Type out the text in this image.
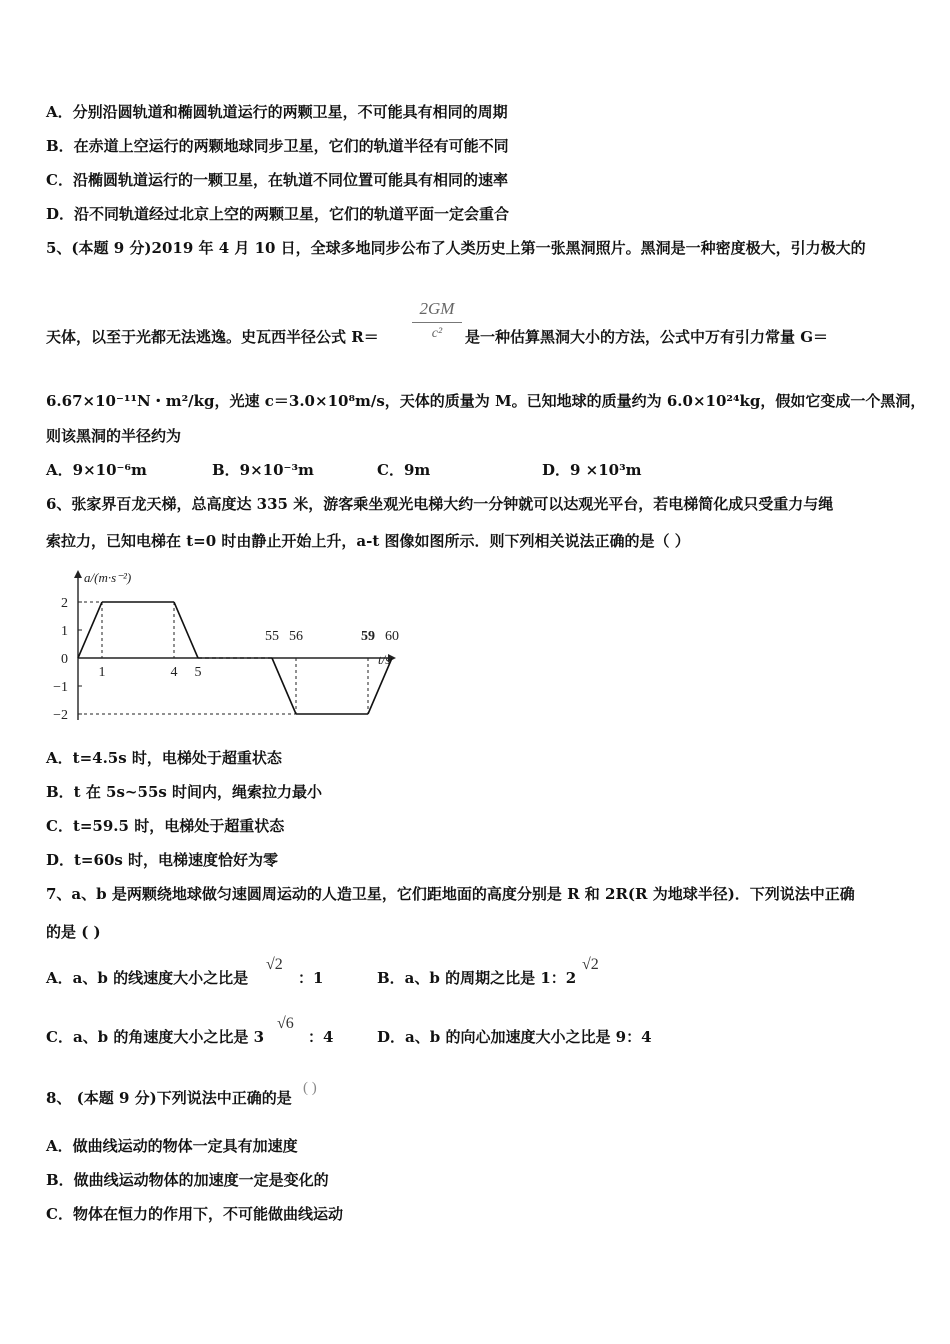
A．分别沿圆轨道和椭圆轨道运行的两颗卫星，不可能具有相同的周期
B．在赤道上空运行的两颗地球同步卫星，它们的轨道半径有可能不同
C．沿椭圆轨道运行的一颗卫星，在轨道不同位置可能具有相同的速率
D．沿不同轨道经过北京上空的两颗卫星，它们的轨道平面一定会重合
5、(本题 9 分)2019 年 4 月 10 日，全球多地同步公布了人类历史上第一张黑洞照片。黑洞是一种密度极大，引力极大的
天体，以至于光都无法逃逸。史瓦西半径公式 R＝
2GM
c²	是一种估算黑洞大小的方法，公式中万有引力常量 G＝
6.67×10⁻¹¹N・m²/kg，光速 c＝3.0×10⁸m/s，天体的质量为 M。已知地球的质量约为 6.0×10²⁴kg，假如它变成一个黑洞，
则该黑洞的半径约为
A．9×10⁻⁶m	B．9×10⁻³m	C．9m	D．9 ×10³m
6、张家界百龙天梯，总高度达 335 米，游客乘坐观光电梯大约一分钟就可以达观光平台，若电梯简化成只受重力与绳
索拉力，已知电梯在 t=0 时由静止开始上升，a-t 图像如图所示．则下列相关说法正确的是（ ）
2
1
0
−1
−2
a/(m·s⁻²)
t/s
1	4 5
55 56	59 60
A．t=4.5s 时，电梯处于超重状态
B．t 在 5s~55s 时间内，绳索拉力最小
C．t=59.5 时，电梯处于超重状态
D．t=60s 时，电梯速度恰好为零
7、a、b 是两颗绕地球做匀速圆周运动的人造卫星，它们距地面的高度分别是 R 和 2R(R 为地球半径)．下列说法中正确
的是 ( )
A．a、b 的线速度大小之比是
√2
：1	B．a、b 的周期之比是 1：2
√2
C．a、b 的角速度大小之比是 3
√6
：4	D．a、b 的向心加速度大小之比是 9：4
8、 (本题 9 分)下列说法中正确的是
( )
A．做曲线运动的物体一定具有加速度
B．做曲线运动物体的加速度一定是变化的
C．物体在恒力的作用下，不可能做曲线运动
